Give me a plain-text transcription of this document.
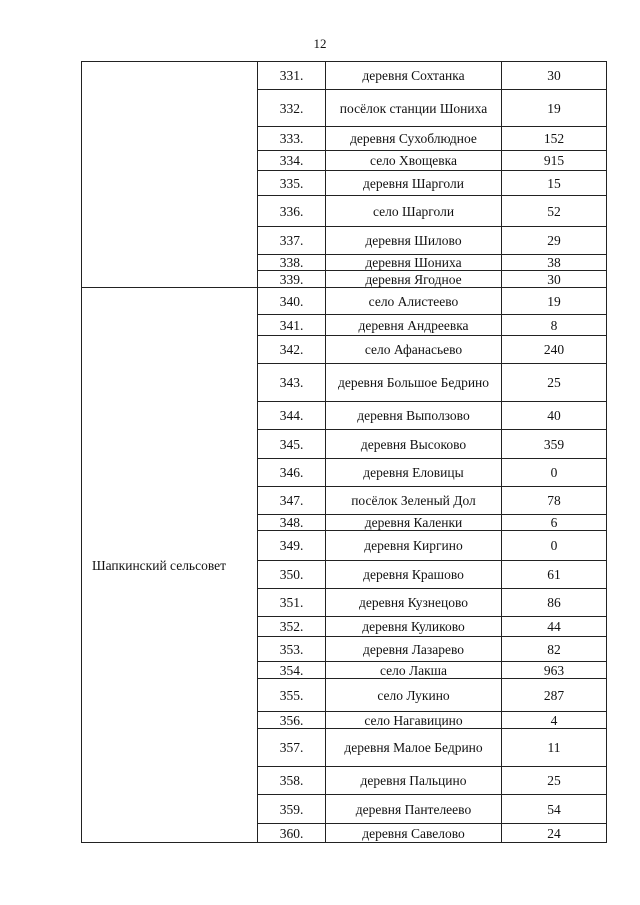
12
	331.	деревня Сохтанка	30
	332.	посёлок станции Шониха	19
	333.	деревня Сухоблюдное	152
	334.	село Хвощевка	915
	335.	деревня Шарголи	15
	336.	село Шарголи	52
	337.	деревня Шилово	29
	338.	деревня Шониха	38
	339.	деревня Ягодное	30
Шапкинский сельсовет	340.	село Алистеево	19
	341.	деревня Андреевка	8
	342.	село Афанасьево	240
	343.	деревня Большое Бедрино	25
	344.	деревня Выползово	40
	345.	деревня Высоково	359
	346.	деревня Еловицы	0
	347.	посёлок Зеленый Дол	78
	348.	деревня Каленки	6
	349.	деревня Киргино	0
	350.	деревня Крашово	61
	351.	деревня Кузнецово	86
	352.	деревня Куликово	44
	353.	деревня Лазарево	82
	354.	село Лакша	963
	355.	село Лукино	287
	356.	село Нагавицино	4
	357.	деревня Малое Бедрино	11
	358.	деревня Пальцино	25
	359.	деревня Пантелеево	54
	360.	деревня Савелово	24
